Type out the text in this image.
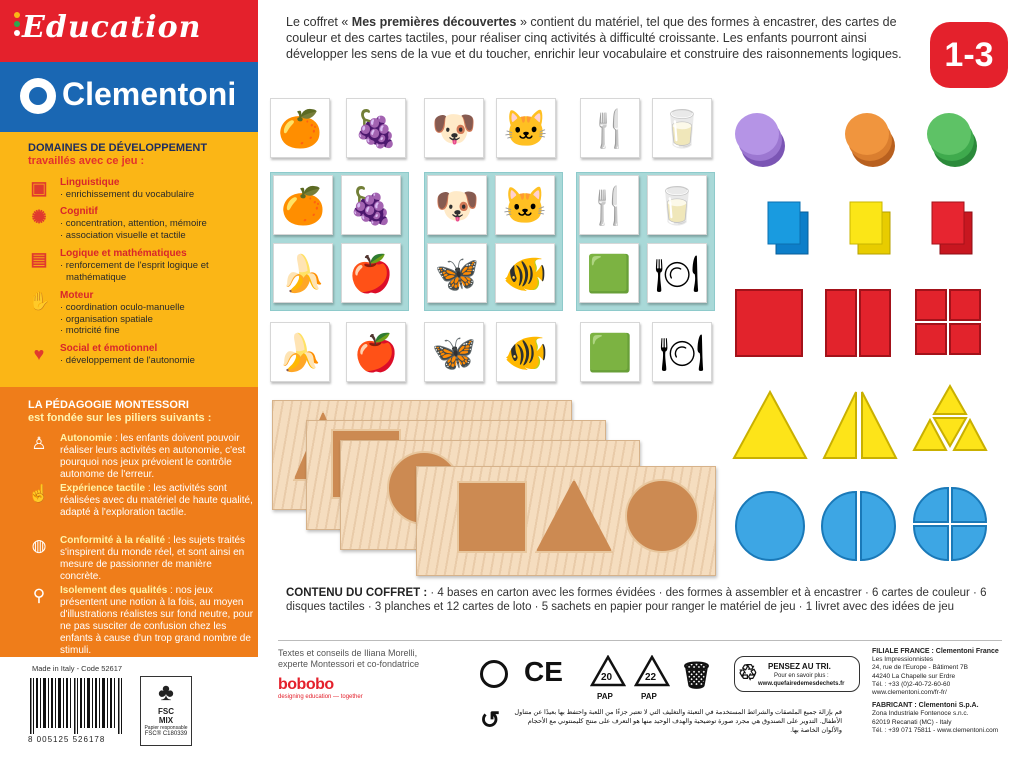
Education
Clementoni
DOMAINES DE DÉVELOPPEMENT
travaillés avec ce jeu :
▣ Linguistique
· enrichissement du vocabulaire
✺	Cognitif
· concentration, attention, mémoire
· association visuelle et tactile
▤ Logique et mathématiques
· renforcement de l'esprit logique et
mathématique
✋ Moteur
· coordination oculo-manuelle
· organisation spatiale
· motricité fine
♥	Social et émotionnel
· développement de l'autonomie
LA PÉDAGOGIE MONTESSORI
est fondée sur les piliers suivants :
♙	Autonomie : les enfants doivent pouvoir réaliser leurs activités en autonomie, c'est pourquoi nos jeux prévoient le contrôle autonome de l'erreur.
☝ Expérience tactile : les activités sont réalisées avec du matériel de haute qualité, adapté à l'exploration tactile.
◍	Conformité à la réalité : les sujets traités s'inspirent du monde réel, et sont ainsi en mesure de passionner de manière concrète.
⚲	Isolement des qualités : nos jeux présentent une notion à la fois, au moyen d'illustrations réalistes sur fond neutre, pour ne pas susciter de confusion chez les enfants à cause d'un trop grand nombre de stimuli.
Made in Italy - Code 52617
8 005125 526178
♣
FSC
MIX
Papier responsable
FSC® C180339
Le coffret « Mes premières découvertes » contient du matériel, tel que des formes à encastrer, des cartes de couleur et des cartes tactiles, pour réaliser cinq activités à difficulté croissante. Les enfants pourront ainsi développer les sens de la vue et du toucher, enrichir leur vocabulaire et construire des raisonnements logiques.	1-3
🍊 🍇 🐶 🐱 🍴 🥛
🍊 🍇
🍌 🍎
🐶 🐱
🦋 🐠
🍴 🥛
🟩 🍽
🍌 🍎 🦋 🐠 🟩 🍽
CONTENU DU COFFRET : · 4 bases en carton avec les formes évidées · des formes à assembler et à encastrer · 6 cartes de couleur · 6 disques tactiles · 3 planches et 12 cartes de loto · 5 sachets en papier pour ranger le matériel de jeu · 1 livret avec des idées de jeu
Textes et conseils de Iliana Morelli,
experte Montessori et co-fondatrice
bobobo
designing education — together
CE	20
PAP
22
PAP
🗑 ♲ PENSEZ AU TRI.
Pour en savoir plus :
www.quefairedemesdechets.fr
↺	قم بإزالة جميع الملصقات والشرائط المستخدمة في التعبئة والتغليف التي لا تعتبر جزءًا من اللعبة واحتفظ بها بعيدًا عن متناول الأطفال. التدوير على الصندوق هي مجرد صورة توضيحية والهدف الوحيد منها هو التعرف على منتج كليمنتوني مع الأحجام والألوان الخاصة بها.
FILIALE FRANCE : Clementoni France
Les Impressionnistes
24, rue de l'Europe - Bâtiment 7B
44240 La Chapelle sur Erdre
Tél. : +33 (0)2-40-72-60-60
www.clementoni.com/fr-fr/
FABRICANT : Clementoni S.p.A.
Zona Industriale Fontenoce s.n.c.
62019 Recanati (MC) - Italy
Tél. : +39 071 75811 - www.clementoni.com
